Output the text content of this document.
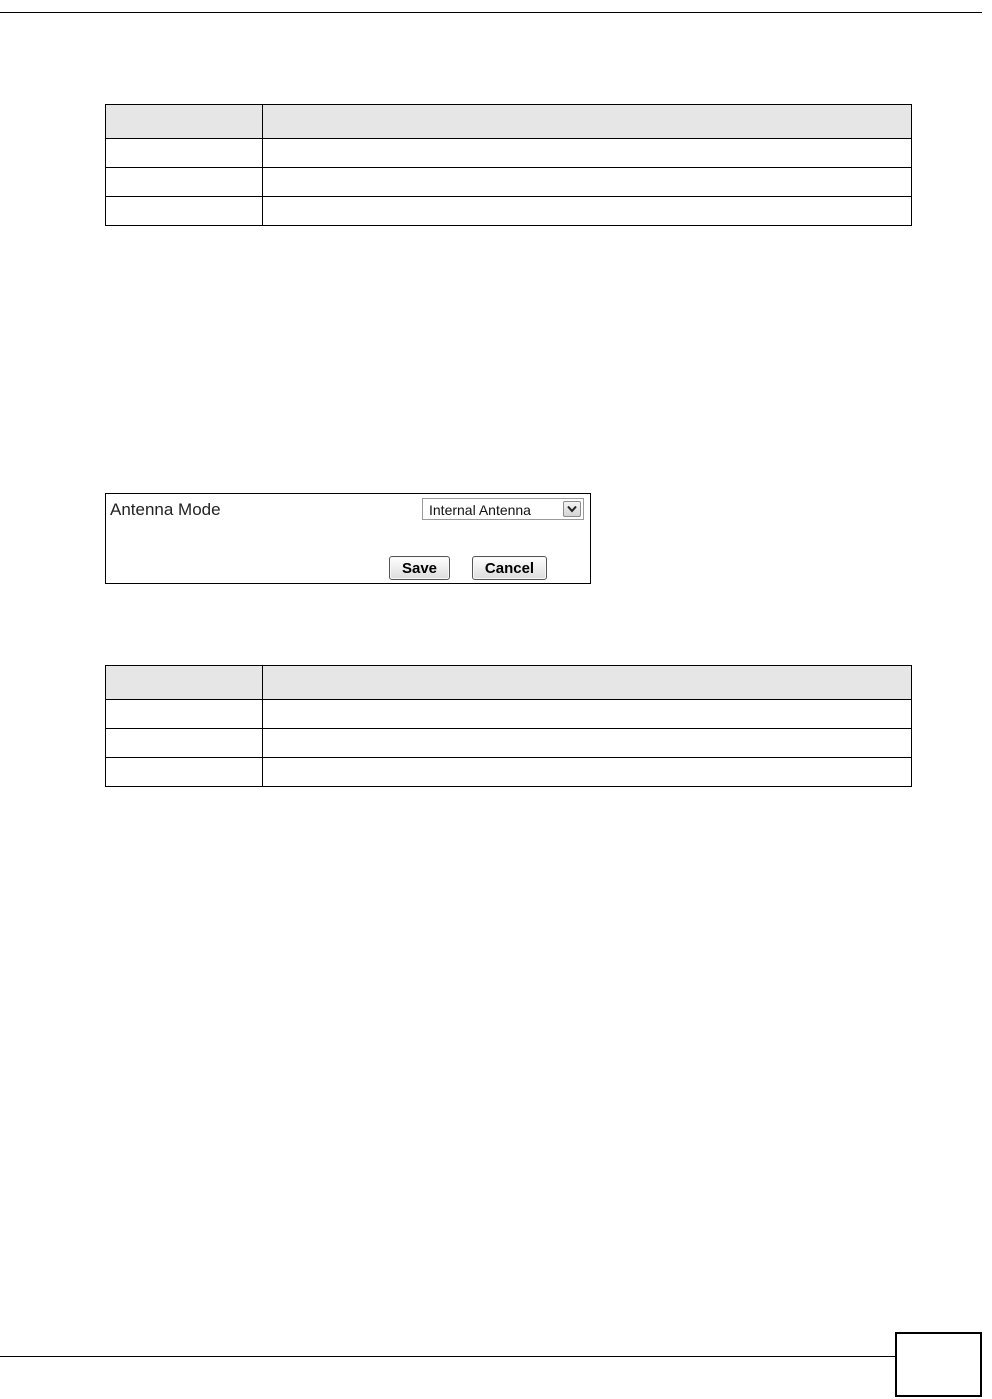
Antenna Mode	Internal Antenna
Save	Cancel
